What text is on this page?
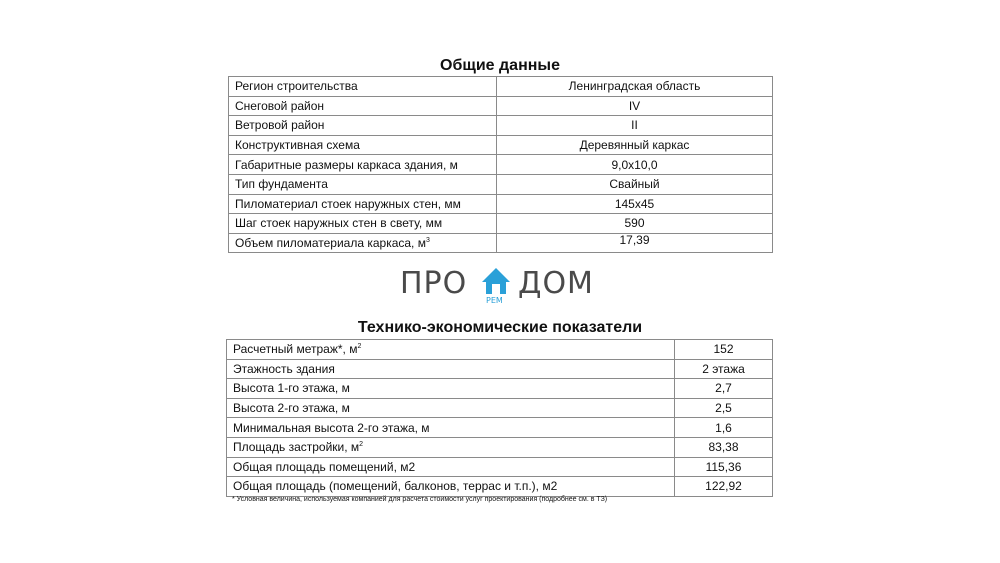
Общие данные
Регион строительства	Ленинградская область
Снеговой район	IV
Ветровой район	II
Конструктивная схема	Деревянный каркас
Габаритные размеры каркаса здания, м	9,0х10,0
Тип фундамента	Свайный
Пиломатериал стоек наружных стен, мм	145х45
Шаг стоек наружных стен в свету, мм	590
Объем пиломатериала каркаса, $м^3$	17,39
ПРО РЕМ ДОМ
Технико-экономические показатели
Расчетный метраж*, $м^2$	152
Этажность здания	2 этажа
Высота 1-го этажа, м	2,7
Высота 2-го этажа, м	2,5
Минимальная высота 2-го этажа, м	1,6
Площадь застройки, $м^2$	83,38
Общая площадь помещений, м2	115,36
Общая площадь (помещений, балконов, террас и т.п.), м2	122,92
* Условная величина, используемая компанией для расчета стоимости услуг проектирования (подробнее см. в ТЗ)
